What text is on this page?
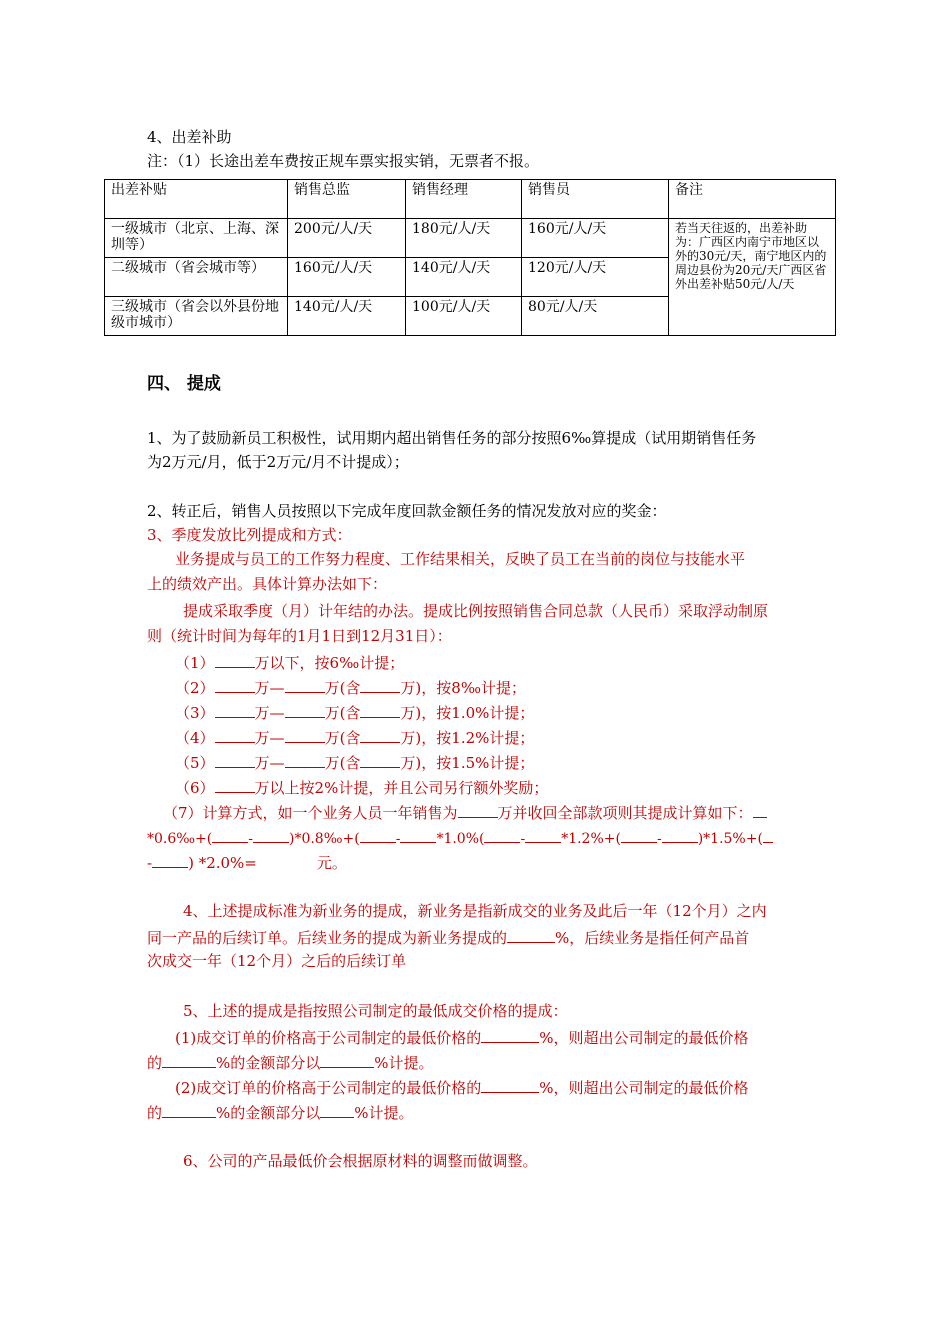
4、出差补助
注：（1）长途出差车费按正规车票实报实销，无票者不报。
出差补贴	销售总监	销售经理	销售员	备注
一级城市（北京、上海、深圳等）	200元/人/天	180元/人/天	160元/人/天	若当天往返的，出差补助为：广西区内南宁市地区以外的30元/天，南宁地区内的周边县份为20元/天广西区省外出差补贴50元/人/天
二级城市（省会城市等）	160元/人/天	140元/人/天	120元/人/天	
三级城市（省会以外县份地级市城市）	140元/人/天	100元/人/天	80元/人/天	
四、 提成
1、为了鼓励新员工积极性，试用期内超出销售任务的部分按照6‰算提成（试用期销售任务
为2万元/月，低于2万元/月不计提成）；
2、转正后，销售人员按照以下完成年度回款金额任务的情况发放对应的奖金：
3、季度发放比列提成和方式：
业务提成与员工的工作努力程度、工作结果相关，反映了员工在当前的岗位与技能水平
上的绩效产出。具体计算办法如下：
提成采取季度（月）计年结的办法。提成比例按照销售合同总款（人民币）采取浮动制原
则（统计时间为每年的1月1日到12月31日）：
（1）	万以下，按6‰计提；
（2）	万—	万(含	万)，按8‰计提；
（3）	万—	万(含	万)，按1.0%计提；
（4）	万—	万(含	万)，按1.2%计提；
（5）	万—	万(含	万)，按1.5%计提；
（6）	万以上按2%计提，并且公司另行额外奖励；
（7）计算方式，如一个业务人员一年销售为	万并收回全部款项则其提成计算如下：
*0.6‰+(	-	)*0.8‰+(	-	*1.0%(	-	*1.2%+(	-	)*1.5%+(
- ) *2.0%=	元。
4、上述提成标准为新业务的提成，新业务是指新成交的业务及此后一年（12个月）之内
同一产品的后续订单。后续业务的提成为新业务提成的	%，后续业务是指任何产品首
次成交一年（12个月）之后的后续订单
5、上述的提成是指按照公司制定的最低成交价格的提成：
(1)成交订单的价格高于公司制定的最低价格的	%，则超出公司制定的最低价格
的	%的金额部分以	%计提。
(2)成交订单的价格高于公司制定的最低价格的	%，则超出公司制定的最低价格
的	%的金额部分以 %计提。
6、公司的产品最低价会根据原材料的调整而做调整。
